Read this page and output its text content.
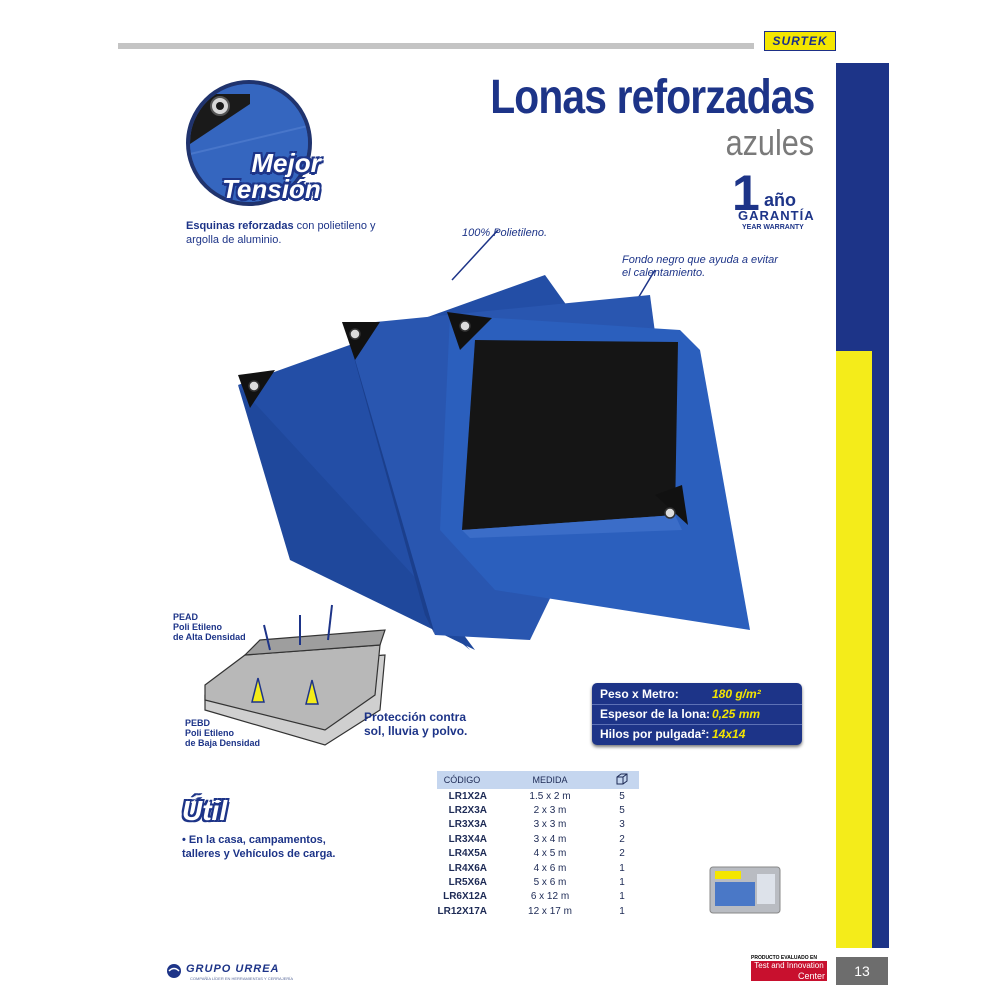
SURTEK
Lonas reforzadas
azules
1 año
GARANTÍA
YEAR WARRANTY
Mejor
Tensión
Esquinas reforzadas con polietileno y argolla de aluminio.
100% Polietileno.
Fondo negro que ayuda a evitar el calentamiento.
PEAD
Poli Etileno
de Alta Densidad
PEBD
Poli Etileno
de Baja Densidad
Protección contra sol, lluvia y polvo.
Peso x Metro:	180 g/m²
Espesor de la lona: 0,25 mm
Hilos por pulgada²: 14x14
CÓDIGO	MEDIDA	
LR1X2A	1.5 x 2 m	5
LR2X3A	2 x 3 m	5
LR3X3A	3 x 3 m	3
LR3X4A	3 x 4 m	2
LR4X5A	4 x 5 m	2
LR4X6A	4 x 6 m	1
LR5X6A	5 x 6 m	1
LR6X12A	6 x 12 m	1
LR12X17A	12 x 17 m	1
Útil
• En la casa, campamentos, talleres y Vehículos de carga.
GRUPO URREA
COMPAÑÍA LÍDER EN HERRAMIENTAS Y CERRAJERÍA
PRODUCTO EVALUADO EN
Test and Innovation
Center	13
